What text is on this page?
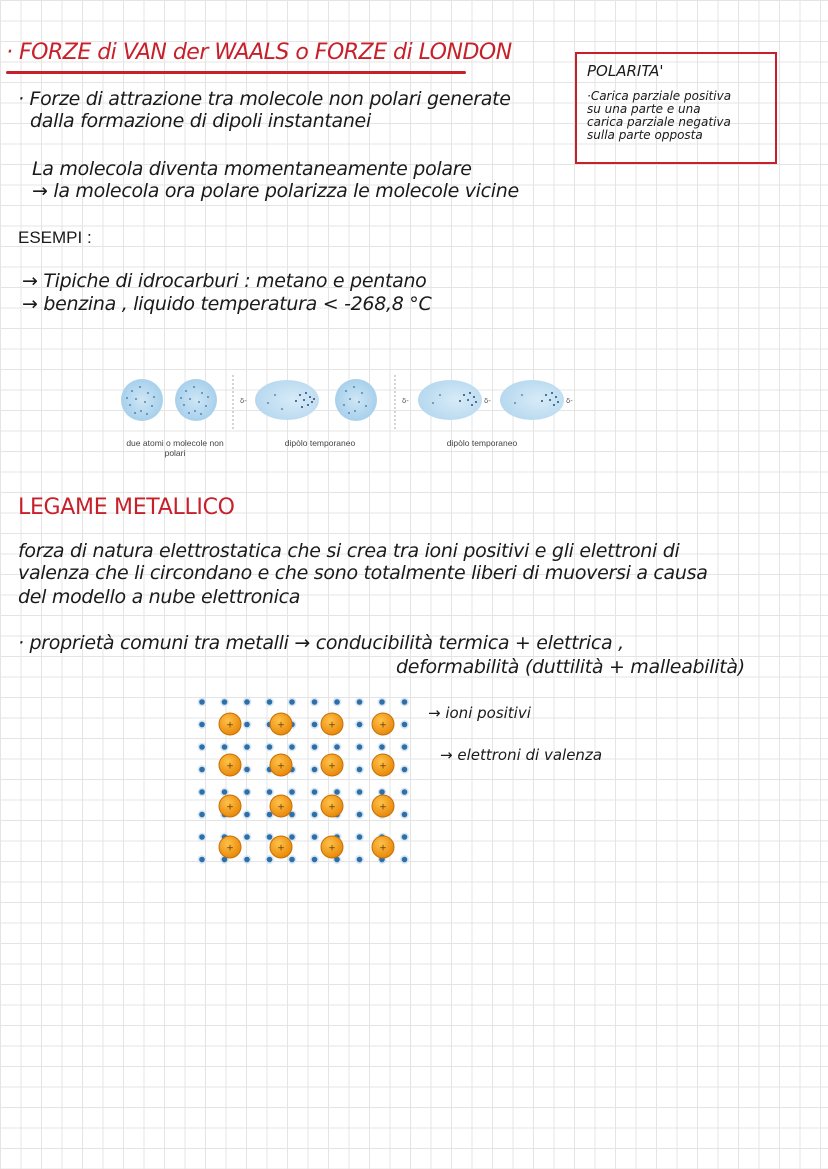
· FORZE di VAN der WAALS o FORZE di LONDON
· Forze di attrazione tra molecole non polari generate
dalla formazione di dipoli instantanei
La molecola diventa momentaneamente polare
→ la molecola ora polare polarizza le molecole vicine
ESEMPI :
→ Tipiche di idrocarburi : metano e pentano
→ benzina , liquido temperatura < -268,8 °C
POLARITA'
·Carica parziale positiva
su una parte e una
carica parziale negativa
sulla parte opposta
δ-	δ-	δ-	δ-
due atomi o molecole non polari
dipòlo temporaneo	dipòlo temporaneo
LEGAME METALLICO
forza di natura elettrostatica che si crea tra ioni positivi e gli elettroni di
valenza che li circondano e che sono totalmente liberi di muoversi a causa
del modello a nube elettronica
· proprietà comuni tra metalli → conducibilità termica + elettrica ,
deformabilità (duttilità + malleabilità)
+	+	+	+
+	+	+	+
+	+	+	+
+	+	+	+
→ ioni positivi
→ elettroni di valenza
